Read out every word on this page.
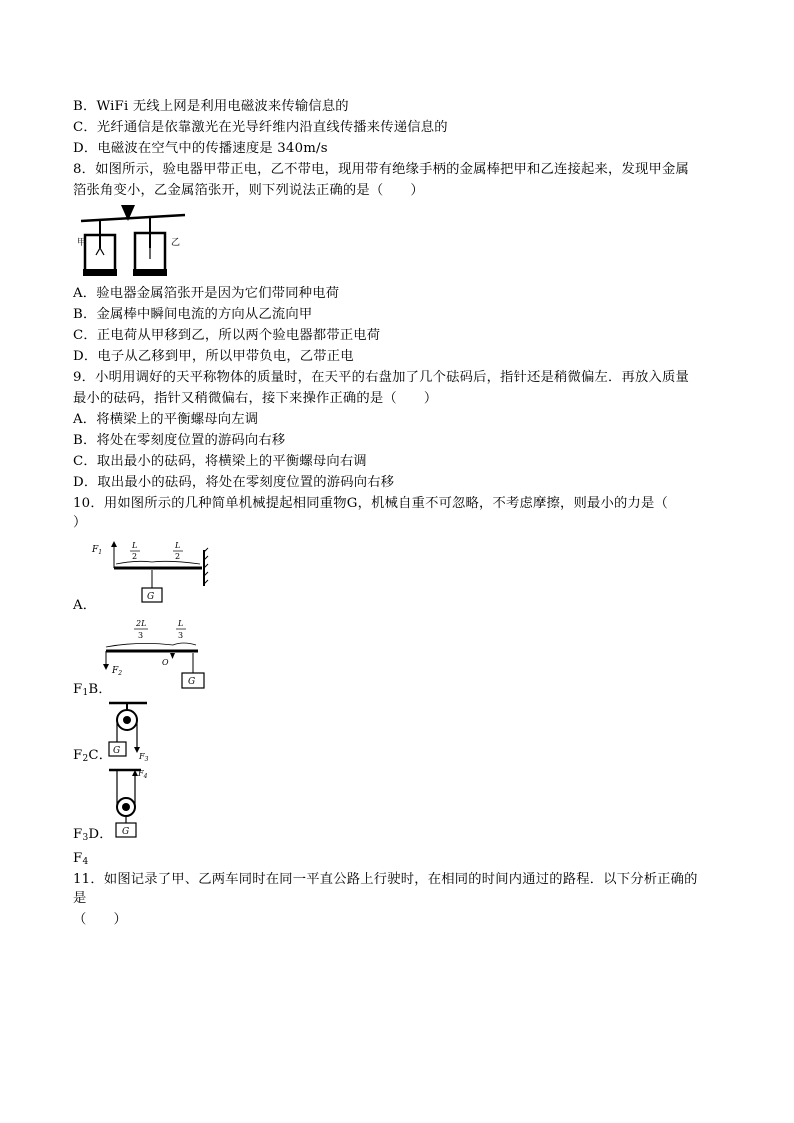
B．WiFi 无线上网是利用电磁波来传输信息的
C．光纤通信是依靠激光在光导纤维内沿直线传播来传递信息的
D．电磁波在空气中的传播速度是 340m/s
8．如图所示，验电器甲带正电，乙不带电，现用带有绝缘手柄的金属棒把甲和乙连接起来，发现甲金属
箔张角变小，乙金属箔张开，则下列说法正确的是（　　）
甲	乙
A．验电器金属箔张开是因为它们带同种电荷
B．金属棒中瞬间电流的方向从乙流向甲
C．正电荷从甲移到乙，所以两个验电器都带正电荷
D．电子从乙移到甲，所以甲带负电，乙带正电
9．小明用调好的天平称物体的质量时，在天平的右盘加了几个砝码后，指针还是稍微偏左．再放入质量
最小的砝码，指针又稍微偏右，接下来操作正确的是（　　）
A．将横梁上的平衡螺母向左调
B．将处在零刻度位置的游码向右移
C．取出最小的砝码，将横梁上的平衡螺母向右调
D．取出最小的砝码，将处在零刻度位置的游码向右移
10．用如图所示的几种简单机械提起相同重物G，机械自重不可忽略，不考虑摩擦，则最小的力是（
）
$F_1$
L
2
L
2
G
A．
2L
3
L
3
O
$F_2$
G
$F_1B$．
G
$F_3$
$F_2C$．
$F_4$
G
$F_3D$．
$F_4$
11．如图记录了甲、乙两车同时在同一平直公路上行驶时，在相同的时间内通过的路程．以下分析正确的
是
（　　）
